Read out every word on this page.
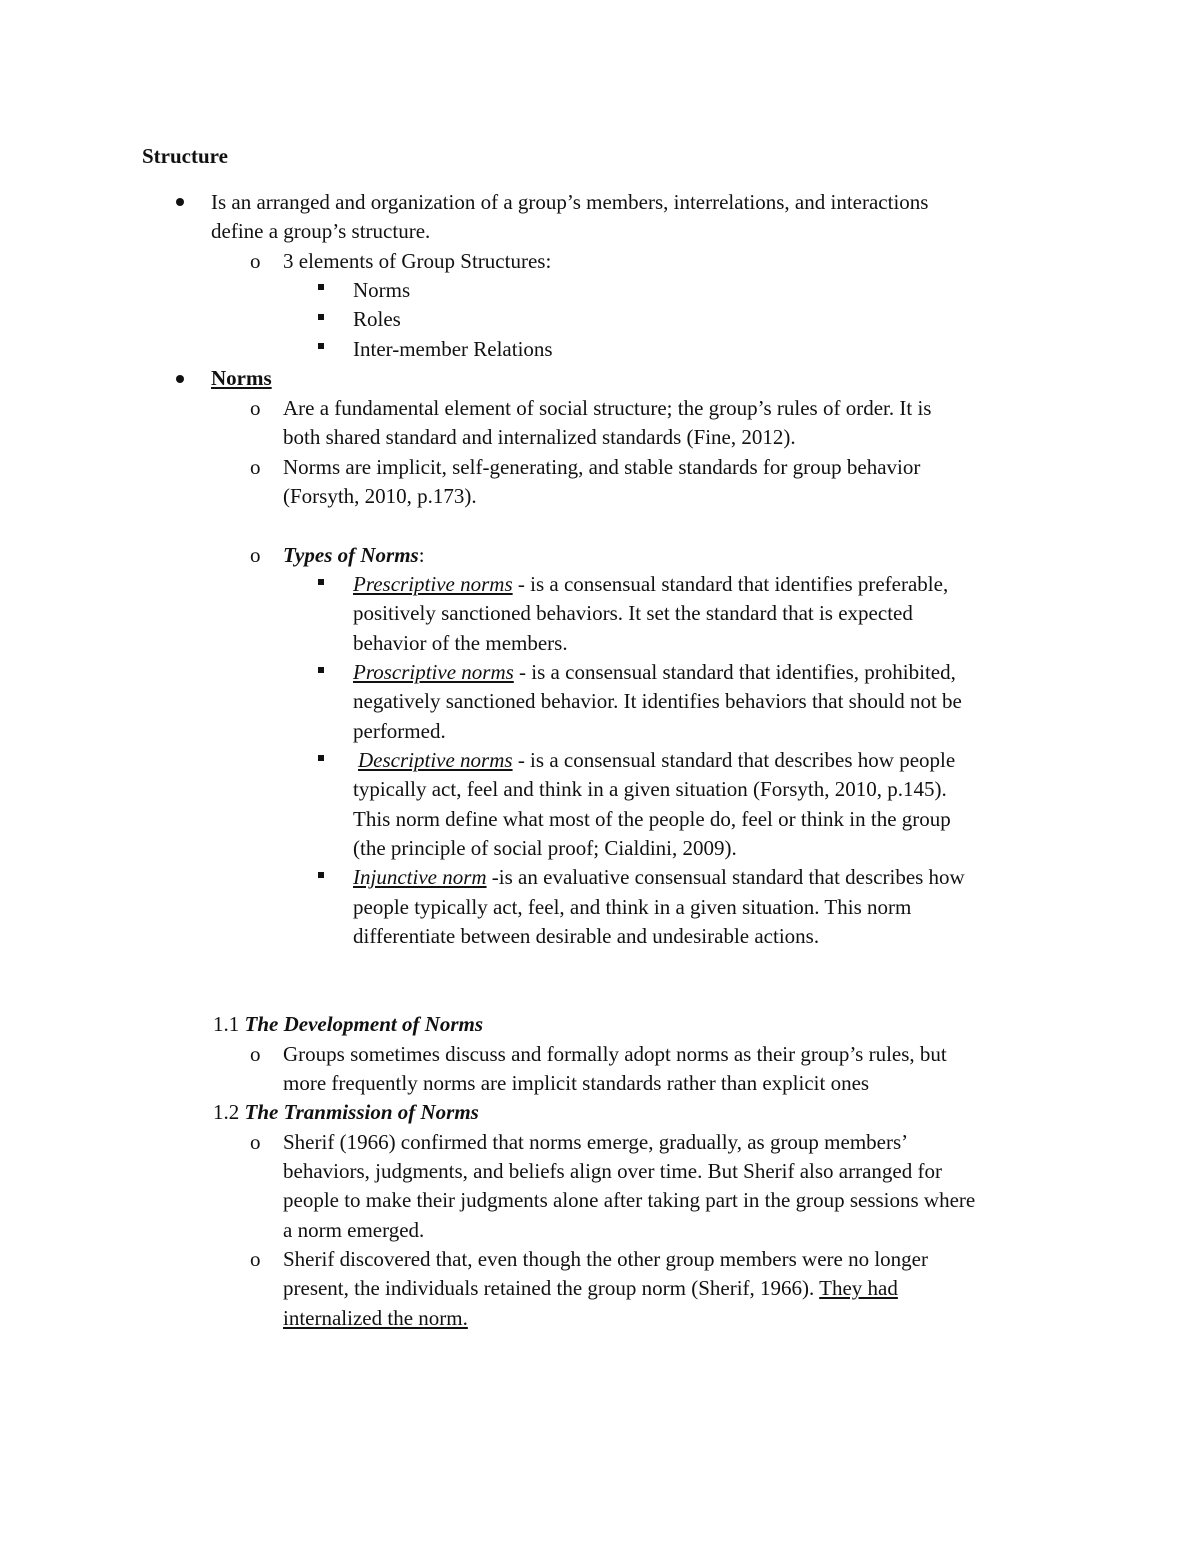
Structure
Is an arranged and organization of a group’s members, interrelations, and interactions
define a group’s structure.
o 3 elements of Group Structures:
Norms
Roles
Inter-member Relations
Norms
o Are a fundamental element of social structure; the group’s rules of order. It is
both shared standard and internalized standards (Fine, 2012).
o Norms are implicit, self-generating, and stable standards for group behavior
(Forsyth, 2010, p.173).
o Types of Norms:
Prescriptive norms - is a consensual standard that identifies preferable,
positively sanctioned behaviors. It set the standard that is expected
behavior of the members.
Proscriptive norms - is a consensual standard that identifies, prohibited,
negatively sanctioned behavior. It identifies behaviors that should not be
performed.
Descriptive norms - is a consensual standard that describes how people
typically act, feel and think in a given situation (Forsyth, 2010, p.145).
This norm define what most of the people do, feel or think in the group
(the principle of social proof; Cialdini, 2009).
Injunctive norm -is an evaluative consensual standard that describes how
people typically act, feel, and think in a given situation. This norm
differentiate between desirable and undesirable actions.
1.1 The Development of Norms
o Groups sometimes discuss and formally adopt norms as their group’s rules, but
more frequently norms are implicit standards rather than explicit ones
1.2 The Tranmission of Norms
o Sherif (1966) confirmed that norms emerge, gradually, as group members’
behaviors, judgments, and beliefs align over time. But Sherif also arranged for
people to make their judgments alone after taking part in the group sessions where
a norm emerged.
o Sherif discovered that, even though the other group members were no longer
present, the individuals retained the group norm (Sherif, 1966). They had
internalized the norm.
